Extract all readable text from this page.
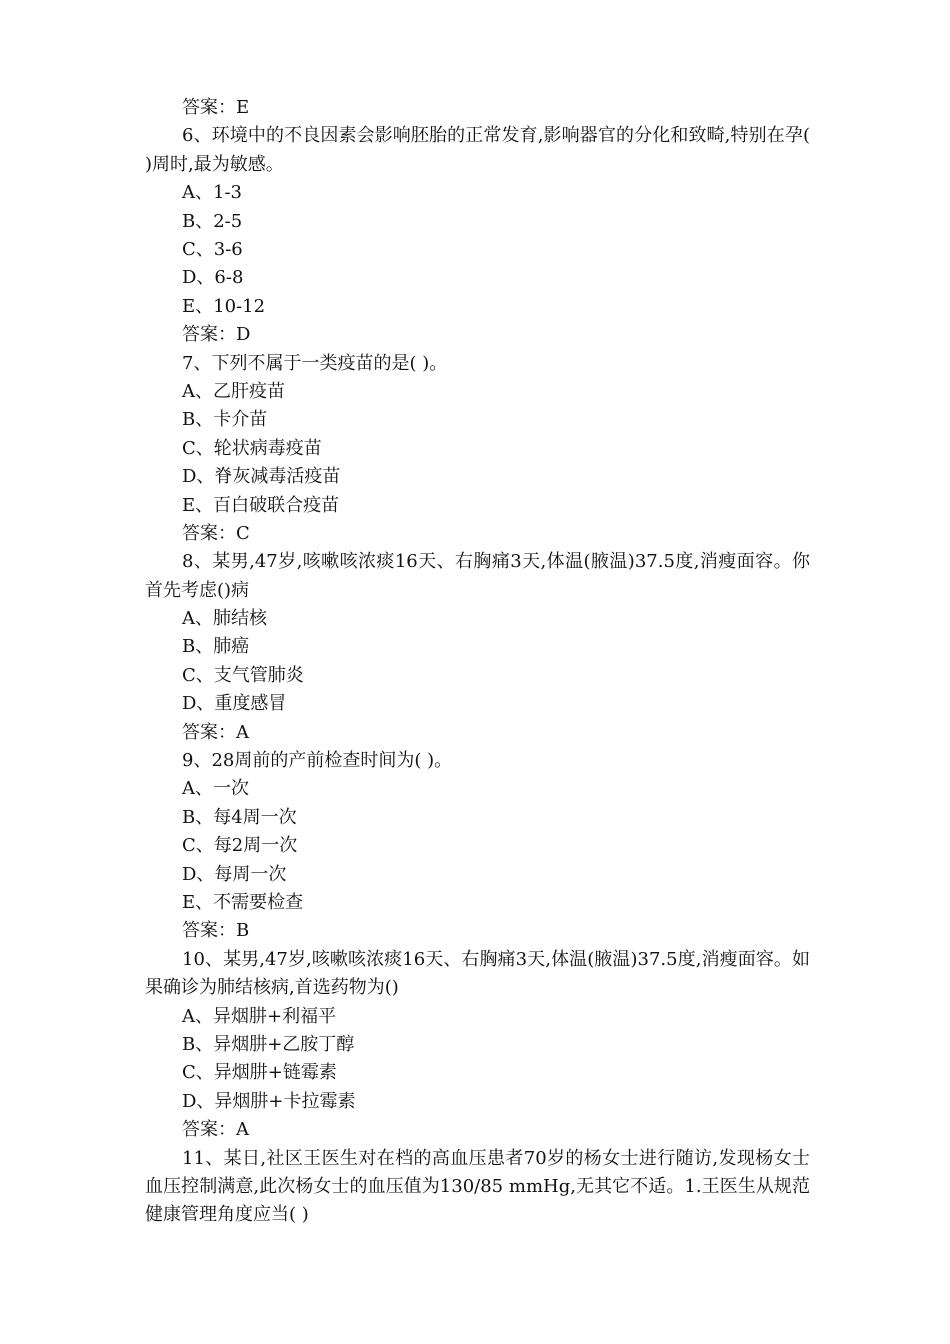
答案：E
6、环境中的不良因素会影响胚胎的正常发育,影响器官的分化和致畸,特别在孕( )周时,最为敏感。
A、1-3
B、2-5
C、3-6
D、6-8
E、10-12
答案：D
7、下列不属于一类疫苗的是( )。
A、乙肝疫苗
B、卡介苗
C、轮状病毒疫苗
D、脊灰减毒活疫苗
E、百白破联合疫苗
答案：C
8、某男,47岁,咳嗽咳浓痰16天、右胸痛3天,体温(腋温)37.5度,消瘦面容。你首先考虑()病
A、肺结核
B、肺癌
C、支气管肺炎
D、重度感冒
答案：A
9、28周前的产前检查时间为( )。
A、一次
B、每4周一次
C、每2周一次
D、每周一次
E、不需要检查
答案：B
10、某男,47岁,咳嗽咳浓痰16天、右胸痛3天,体温(腋温)37.5度,消瘦面容。如果确诊为肺结核病,首选药物为()
A、异烟肼+利福平
B、异烟肼+乙胺丁醇
C、异烟肼+链霉素
D、异烟肼+卡拉霉素
答案：A
11、某日,社区王医生对在档的高血压患者70岁的杨女士进行随访,发现杨女士血压控制满意,此次杨女士的血压值为130/85 mmHg,无其它不适。1.王医生从规范健康管理角度应当( )
